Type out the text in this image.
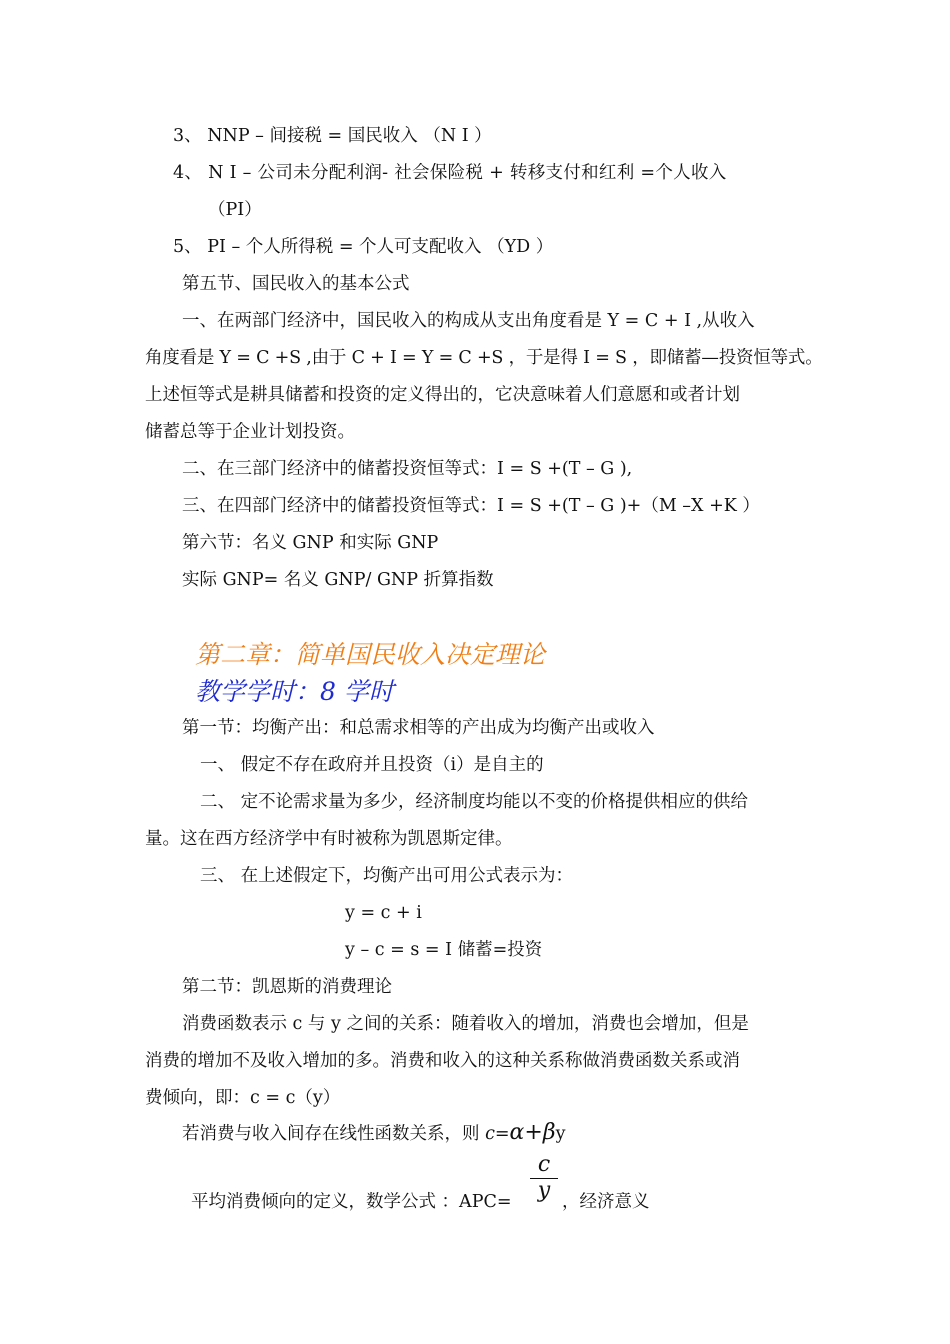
3、 NNP – 间接税 = 国民收入 （N I ）
4、 N I – 公司未分配利润- 社会保险税 + 转移支付和红利 =个人收入
（PI）
5、 PI – 个人所得税 = 个人可支配收入 （YD ）
第五节、国民收入的基本公式
一、在两部门经济中，国民收入的构成从支出角度看是 Y = C + I ,从收入
角度看是 Y = C +S ,由于 C + I = Y = C +S ，于是得 I = S ，即储蓄—投资恒等式。
上述恒等式是耕具储蓄和投资的定义得出的，它决意味着人们意愿和或者计划
储蓄总等于企业计划投资。
二、在三部门经济中的储蓄投资恒等式：I = S +(T – G ),
三、在四部门经济中的储蓄投资恒等式：I = S +(T – G )+（M –X +K ）
第六节：名义 GNP 和实际 GNP
实际 GNP= 名义 GNP/ GNP 折算指数
第二章：简单国民收入决定理论
教学学时：8 学时
第一节：均衡产出：和总需求相等的产出成为均衡产出或收入
一、 假定不存在政府并且投资（i）是自主的
二、 定不论需求量为多少，经济制度均能以不变的价格提供相应的供给
量。这在西方经济学中有时被称为凯恩斯定律。
三、 在上述假定下，均衡产出可用公式表示为：
y = c + i
y – c = s = I 储蓄=投资
第二节：凯恩斯的消费理论
消费函数表示 c 与 y 之间的关系：随着收入的增加，消费也会增加，但是
消费的增加不及收入增加的多。消费和收入的这种关系称做消费函数关系或消
费倾向，即：c = c（y）
若消费与收入间存在线性函数关系，则 c=α+βy
平均消费倾向的定义，数学公式 ：$APC= \frac{c}{y}$ ，经济意义
